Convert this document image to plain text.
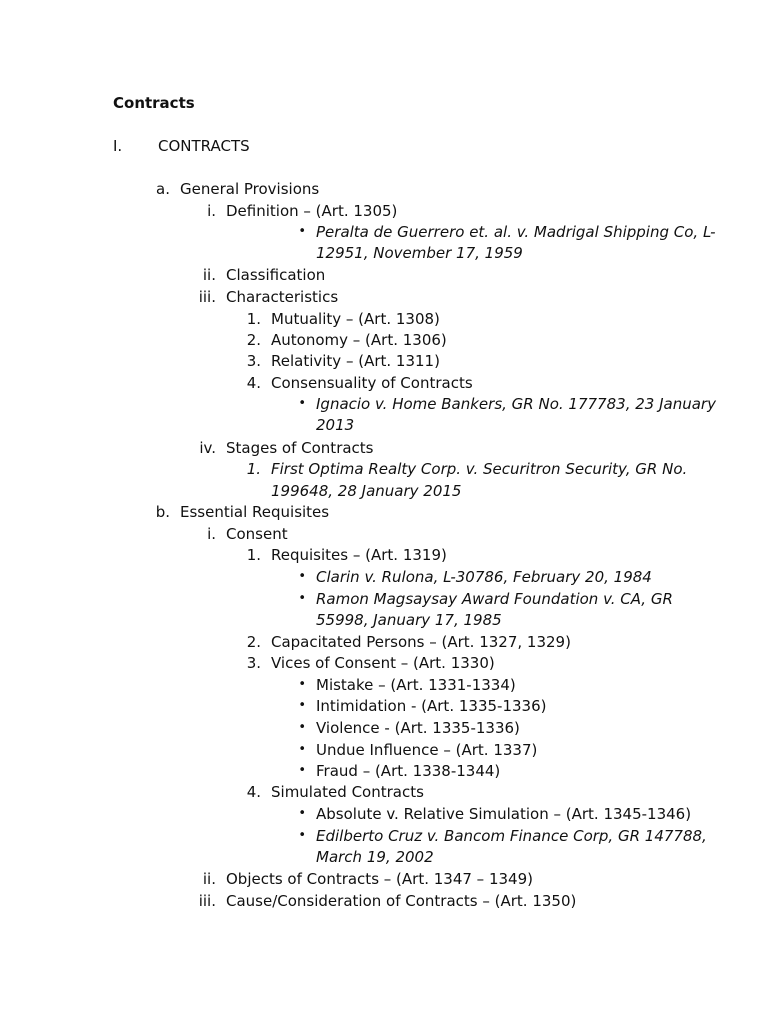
Contracts
I. CONTRACTS
a. General Provisions
i. Definition – (Art. 1305)
• Peralta de Guerrero et. al. v. Madrigal Shipping Co, L-
12951, November 17, 1959
ii. Classification
iii. Characteristics
1. Mutuality – (Art. 1308)
2. Autonomy – (Art. 1306)
3. Relativity – (Art. 1311)
4. Consensuality of Contracts
• Ignacio v. Home Bankers, GR No. 177783, 23 January
2013
iv. Stages of Contracts
1. First Optima Realty Corp. v. Securitron Security, GR No.
199648, 28 January 2015
b. Essential Requisites
i. Consent
1. Requisites – (Art. 1319)
• Clarin v. Rulona, L-30786, February 20, 1984
• Ramon Magsaysay Award Foundation v. CA, GR
55998, January 17, 1985
2. Capacitated Persons – (Art. 1327, 1329)
3. Vices of Consent – (Art. 1330)
• Mistake – (Art. 1331-1334)
• Intimidation - (Art. 1335-1336)
• Violence - (Art. 1335-1336)
• Undue Influence – (Art. 1337)
• Fraud – (Art. 1338-1344)
4. Simulated Contracts
• Absolute v. Relative Simulation – (Art. 1345-1346)
• Edilberto Cruz v. Bancom Finance Corp, GR 147788,
March 19, 2002
ii. Objects of Contracts – (Art. 1347 – 1349)
iii. Cause/Consideration of Contracts – (Art. 1350)
